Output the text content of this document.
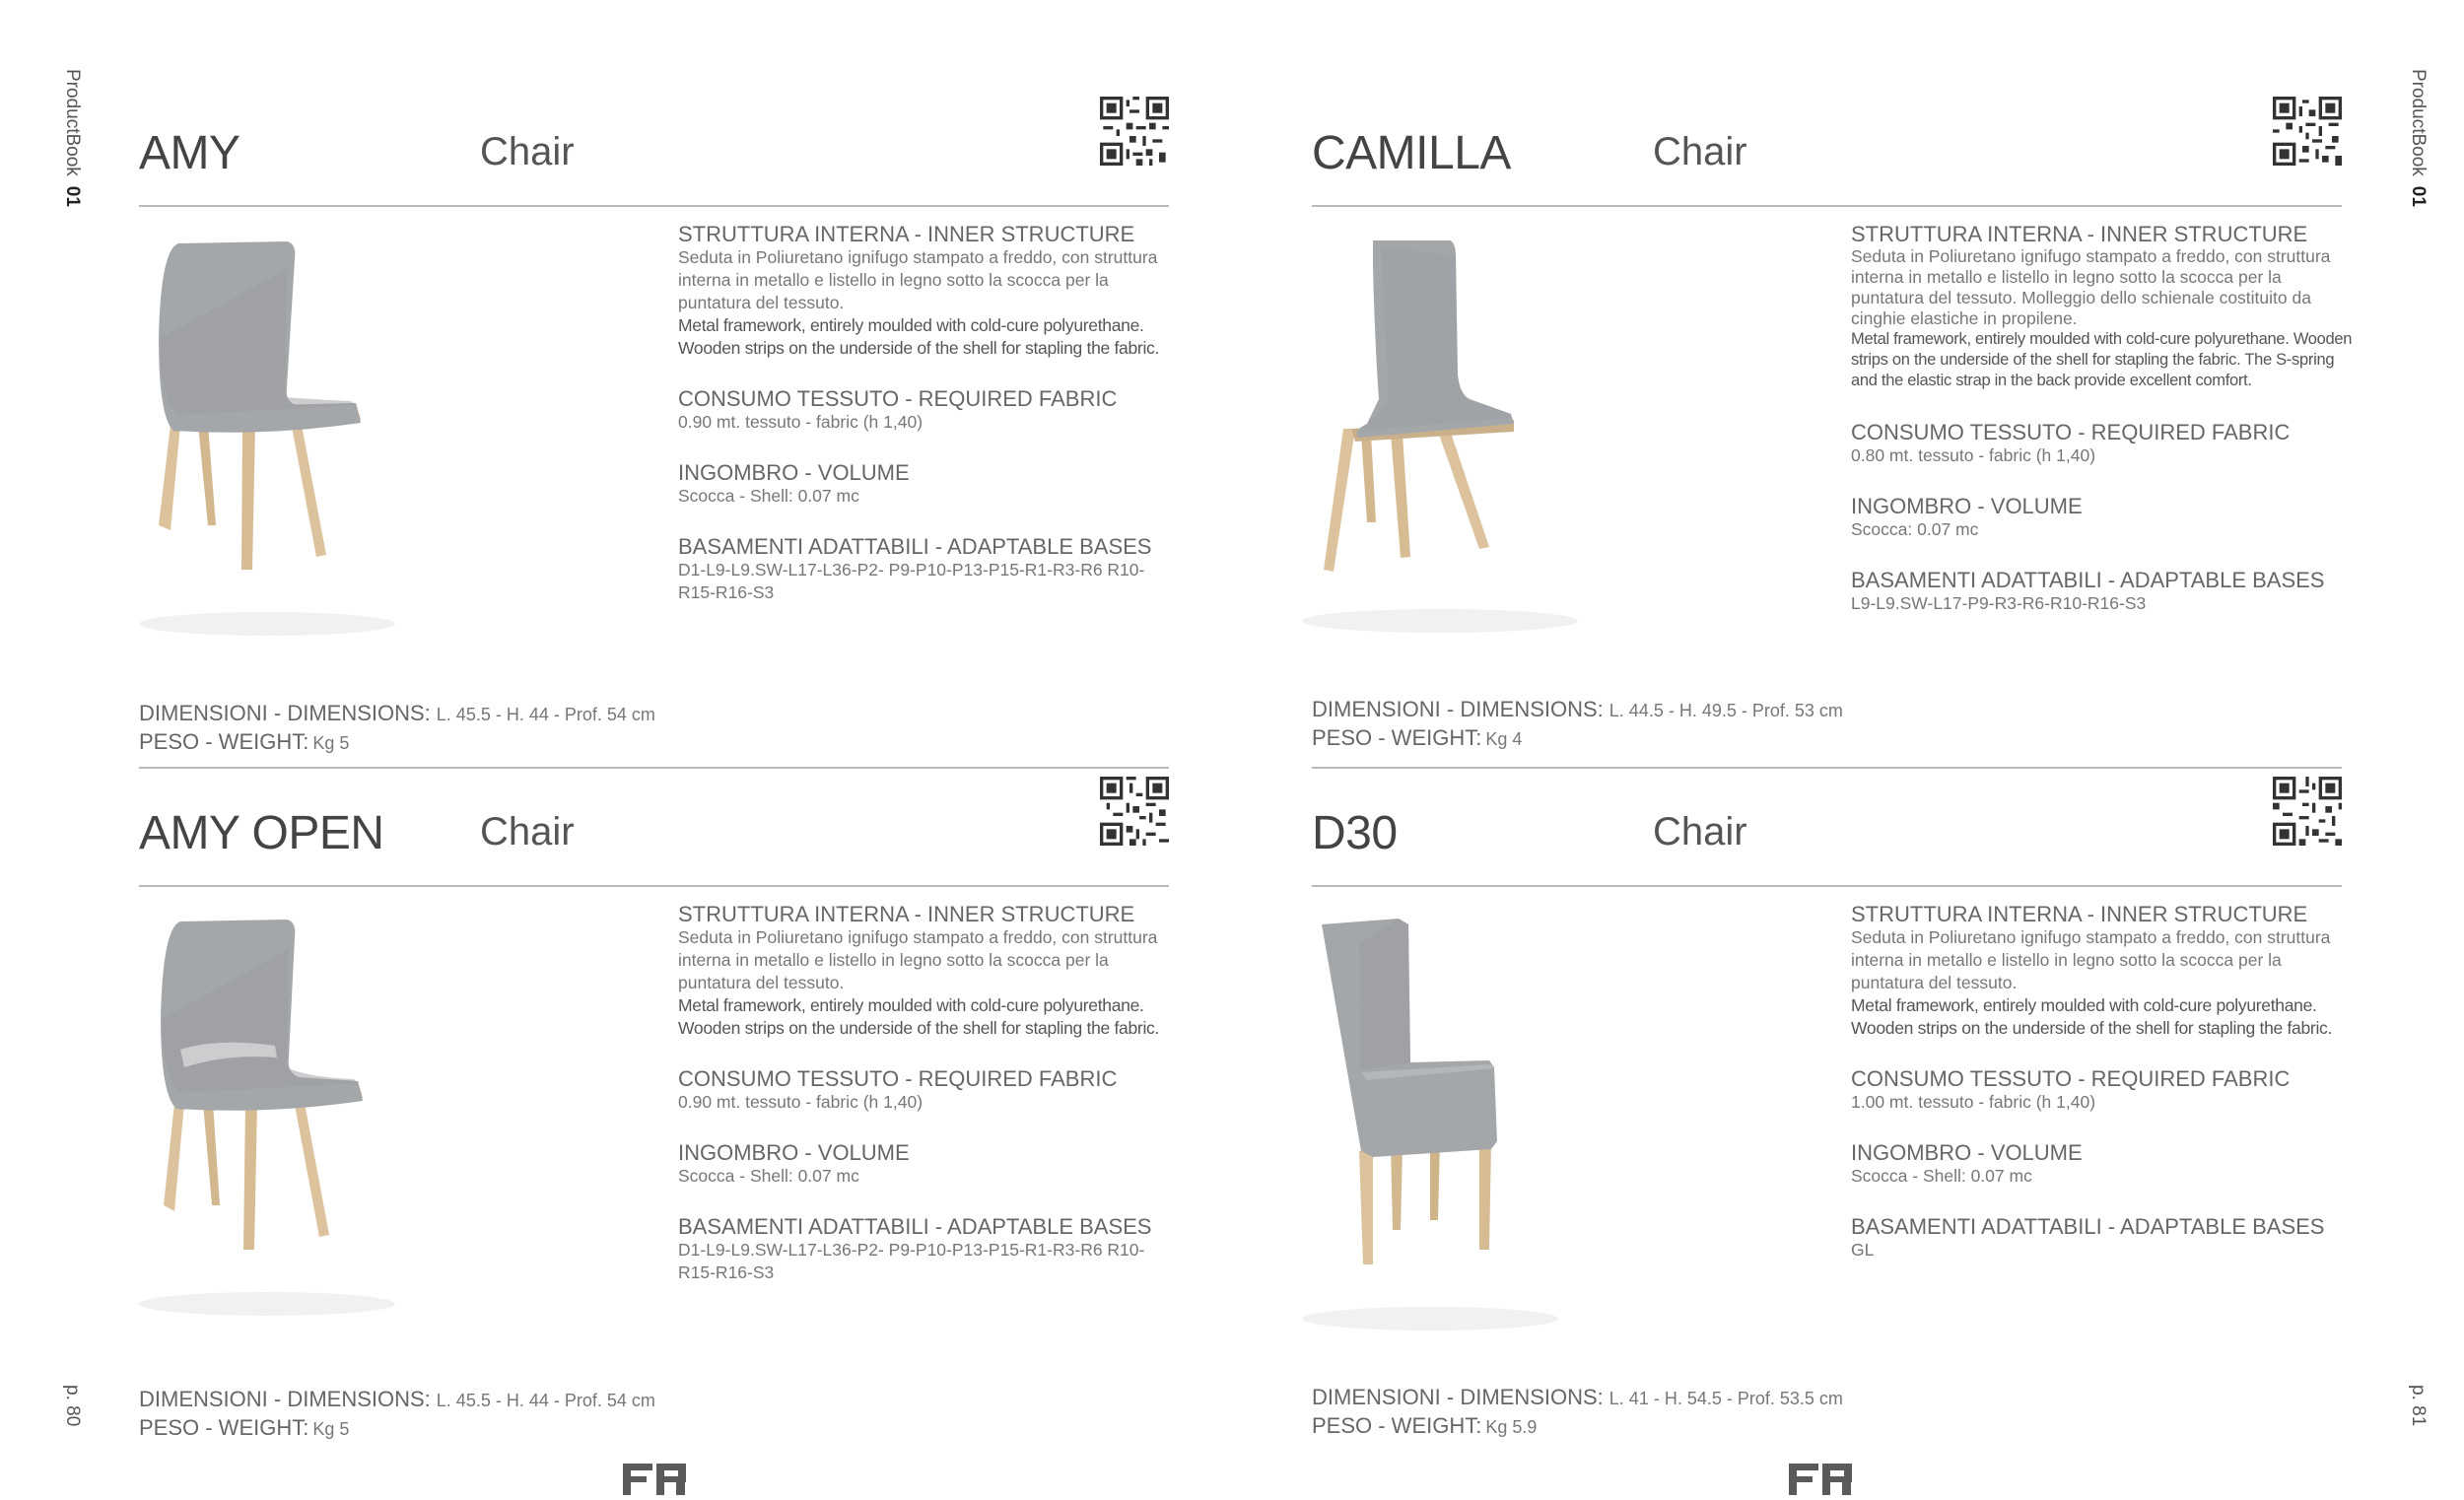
ProductBook01
ProductBook01
p. 80	p. 81
AMY	Chair
STRUTTURA INTERNA - INNER STRUCTURE

Seduta in Poliuretano ignifugo stampato a freddo, con struttura interna in metallo e listello in legno sotto la scocca per la puntatura del tessuto.

Metal framework, entirely moulded with cold-cure polyurethane. Wooden strips on the underside of the shell for stapling the fabric.

CONSUMO TESSUTO - REQUIRED FABRIC

0.90 mt. tessuto - fabric (h 1,40)

INGOMBRO - VOLUME

Scocca - Shell: 0.07 mc

BASAMENTI ADATTABILI - ADAPTABLE BASES

D1-L9-L9.SW-L17-L36-P2- P9-P10-P13-P15-R1-R3-R6 R10-R15-R16-S3

DIMENSIONI - DIMENSIONS: L. 45.5 - H. 44 - Prof. 54 cm
PESO - WEIGHT: Kg 5
CAMILLA	Chair
STRUTTURA INTERNA - INNER STRUCTURE

Seduta in Poliuretano ignifugo stampato a freddo, con struttura interna in metallo e listello in legno sotto la scocca per la puntatura del tessuto. Molleggio dello schienale costituito da cinghie elastiche in propilene.

Metal framework, entirely moulded with cold-cure polyurethane. Wooden strips on the underside of the shell for stapling the fabric. The S-spring and the elastic strap in the back provide excellent comfort.

CONSUMO TESSUTO - REQUIRED FABRIC

0.80 mt. tessuto - fabric (h 1,40)

INGOMBRO - VOLUME

Scocca: 0.07 mc

BASAMENTI ADATTABILI - ADAPTABLE BASES

L9-L9.SW-L17-P9-R3-R6-R10-R16-S3

DIMENSIONI - DIMENSIONS: L. 44.5 - H. 49.5 - Prof. 53 cm
PESO - WEIGHT: Kg 4
AMY OPEN Chair
STRUTTURA INTERNA - INNER STRUCTURE

Seduta in Poliuretano ignifugo stampato a freddo, con struttura interna in metallo e listello in legno sotto la scocca per la puntatura del tessuto.

Metal framework, entirely moulded with cold-cure polyurethane. Wooden strips on the underside of the shell for stapling the fabric.

CONSUMO TESSUTO - REQUIRED FABRIC

0.90 mt. tessuto - fabric (h 1,40)

INGOMBRO - VOLUME

Scocca - Shell: 0.07 mc

BASAMENTI ADATTABILI - ADAPTABLE BASES

D1-L9-L9.SW-L17-L36-P2- P9-P10-P13-P15-R1-R3-R6 R10-R15-R16-S3

DIMENSIONI - DIMENSIONS: L. 45.5 - H. 44 - Prof. 54 cm
PESO - WEIGHT: Kg 5
D30	Chair
STRUTTURA INTERNA - INNER STRUCTURE

Seduta in Poliuretano ignifugo stampato a freddo, con struttura interna in metallo e listello in legno sotto la scocca per la puntatura del tessuto.

Metal framework, entirely moulded with cold-cure polyurethane. Wooden strips on the underside of the shell for stapling the fabric.

CONSUMO TESSUTO - REQUIRED FABRIC

1.00 mt. tessuto - fabric (h 1,40)

INGOMBRO - VOLUME

Scocca - Shell: 0.07 mc

BASAMENTI ADATTABILI - ADAPTABLE BASES

GL

DIMENSIONI - DIMENSIONS: L. 41 - H. 54.5 - Prof. 53.5 cm
PESO - WEIGHT: Kg 5.9
